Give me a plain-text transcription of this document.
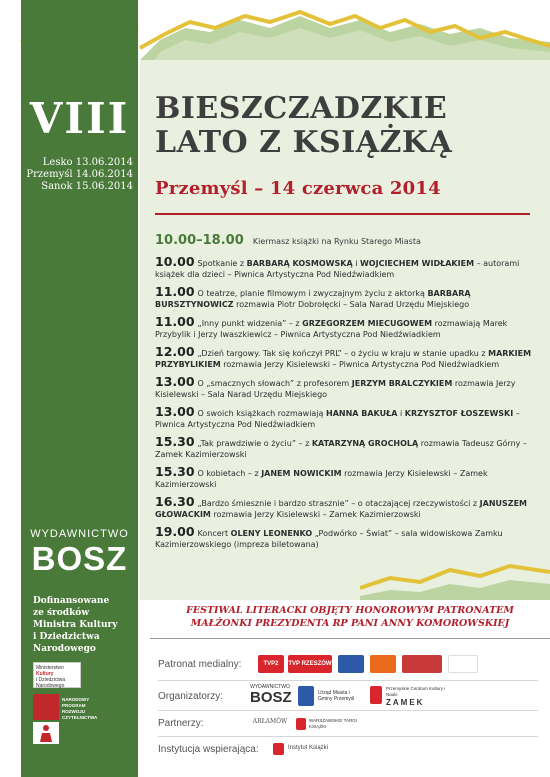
VIII
Lesko 13.06.2014
Przemyśl 14.06.2014
Sanok 15.06.2014
WYDAWNICTWO
BOSZ
Dofinansowane
ze środków
Ministra Kultury
i Dziedzictwa
Narodowego
Ministerstwo
Kultury
i Dziedzictwa
Narodowego
NARODOWY
PROGRAM
ROZWOJU
CZYTELNICTWA
BIESZCZADZKIE
LATO Z KSIĄŻKĄ
Przemyśl – 14 czerwca 2014
10.00–18.00 Kiermasz książki na Rynku Starego Miasta
10.00 Spotkanie z BARBARĄ KOSMOWSKĄ i WOJCIECHEM WIDŁAKIEM – autorami książek dla dzieci – Piwnica Artystyczna Pod Niedźwiadkiem
11.00 O teatrze, planie filmowym i zwyczajnym życiu z aktorką BARBARĄ BURSZTYNOWICZ rozmawia Piotr Dobrołęcki – Sala Narad Urzędu Miejskiego
11.00 „Inny punkt widzenia” – z GRZEGORZEM MIECUGOWEM rozmawiają Marek Przybylik i Jerzy Iwaszkiewicz – Piwnica Artystyczna Pod Niedźwiadkiem
12.00 „Dzień targowy. Tak się kończył PRL” – o życiu w kraju w stanie upadku z MARKIEM PRZYBYLIKIEM rozmawia Jerzy Kisielewski – Piwnica Artystyczna Pod Niedźwiadkiem
13.00 O „smacznych słowach” z profesorem JERZYM BRALCZYKIEM rozmawia Jerzy Kisielewski – Sala Narad Urzędu Miejskiego
13.00 O swoich książkach rozmawiają HANNA BAKUŁA i KRZYSZTOF ŁOSZEWSKI – Piwnica Artystyczna Pod Niedźwiadkiem
15.30 „Tak prawdziwie o życiu” – z KATARZYNĄ GROCHOLĄ rozmawia Tadeusz Górny – Zamek Kazimierzowski
15.30 O kobietach – z JANEM NOWICKIM rozmawia Jerzy Kisielewski – Zamek Kazimierzowski
16.30 „Bardzo śmiesznie i bardzo strasznie” – o otaczającej rzeczywistości z JANUSZEM GŁOWACKIM rozmawia Jerzy Kisielewski – Zamek Kazimierzowski
19.00 Koncert OLENY LEONENKO „Podwórko – Świat” – sala widowiskowa Zamku Kazimierzowskiego (impreza biletowana)
FESTIWAL LITERACKI OBJĘTY HONOROWYM PATRONATEM
MAŁŻONKI PREZYDENTA RP PANI ANNY KOMOROWSKIEJ
Patronat medialny:	TVP2	TVP RZESZÓW
Organizatorzy:
WYDAWNICTWO
BOSZ	Urząd Miasta i Gminy Przemyśl
Przemyskie Centrum Kultury i Nauki
ZAMEK
Partnerzy:	ARŁAMÓW	WARSZAWSKIE TARGI KSIĄŻKI
Instytucja wspierająca:	Instytut Książki
